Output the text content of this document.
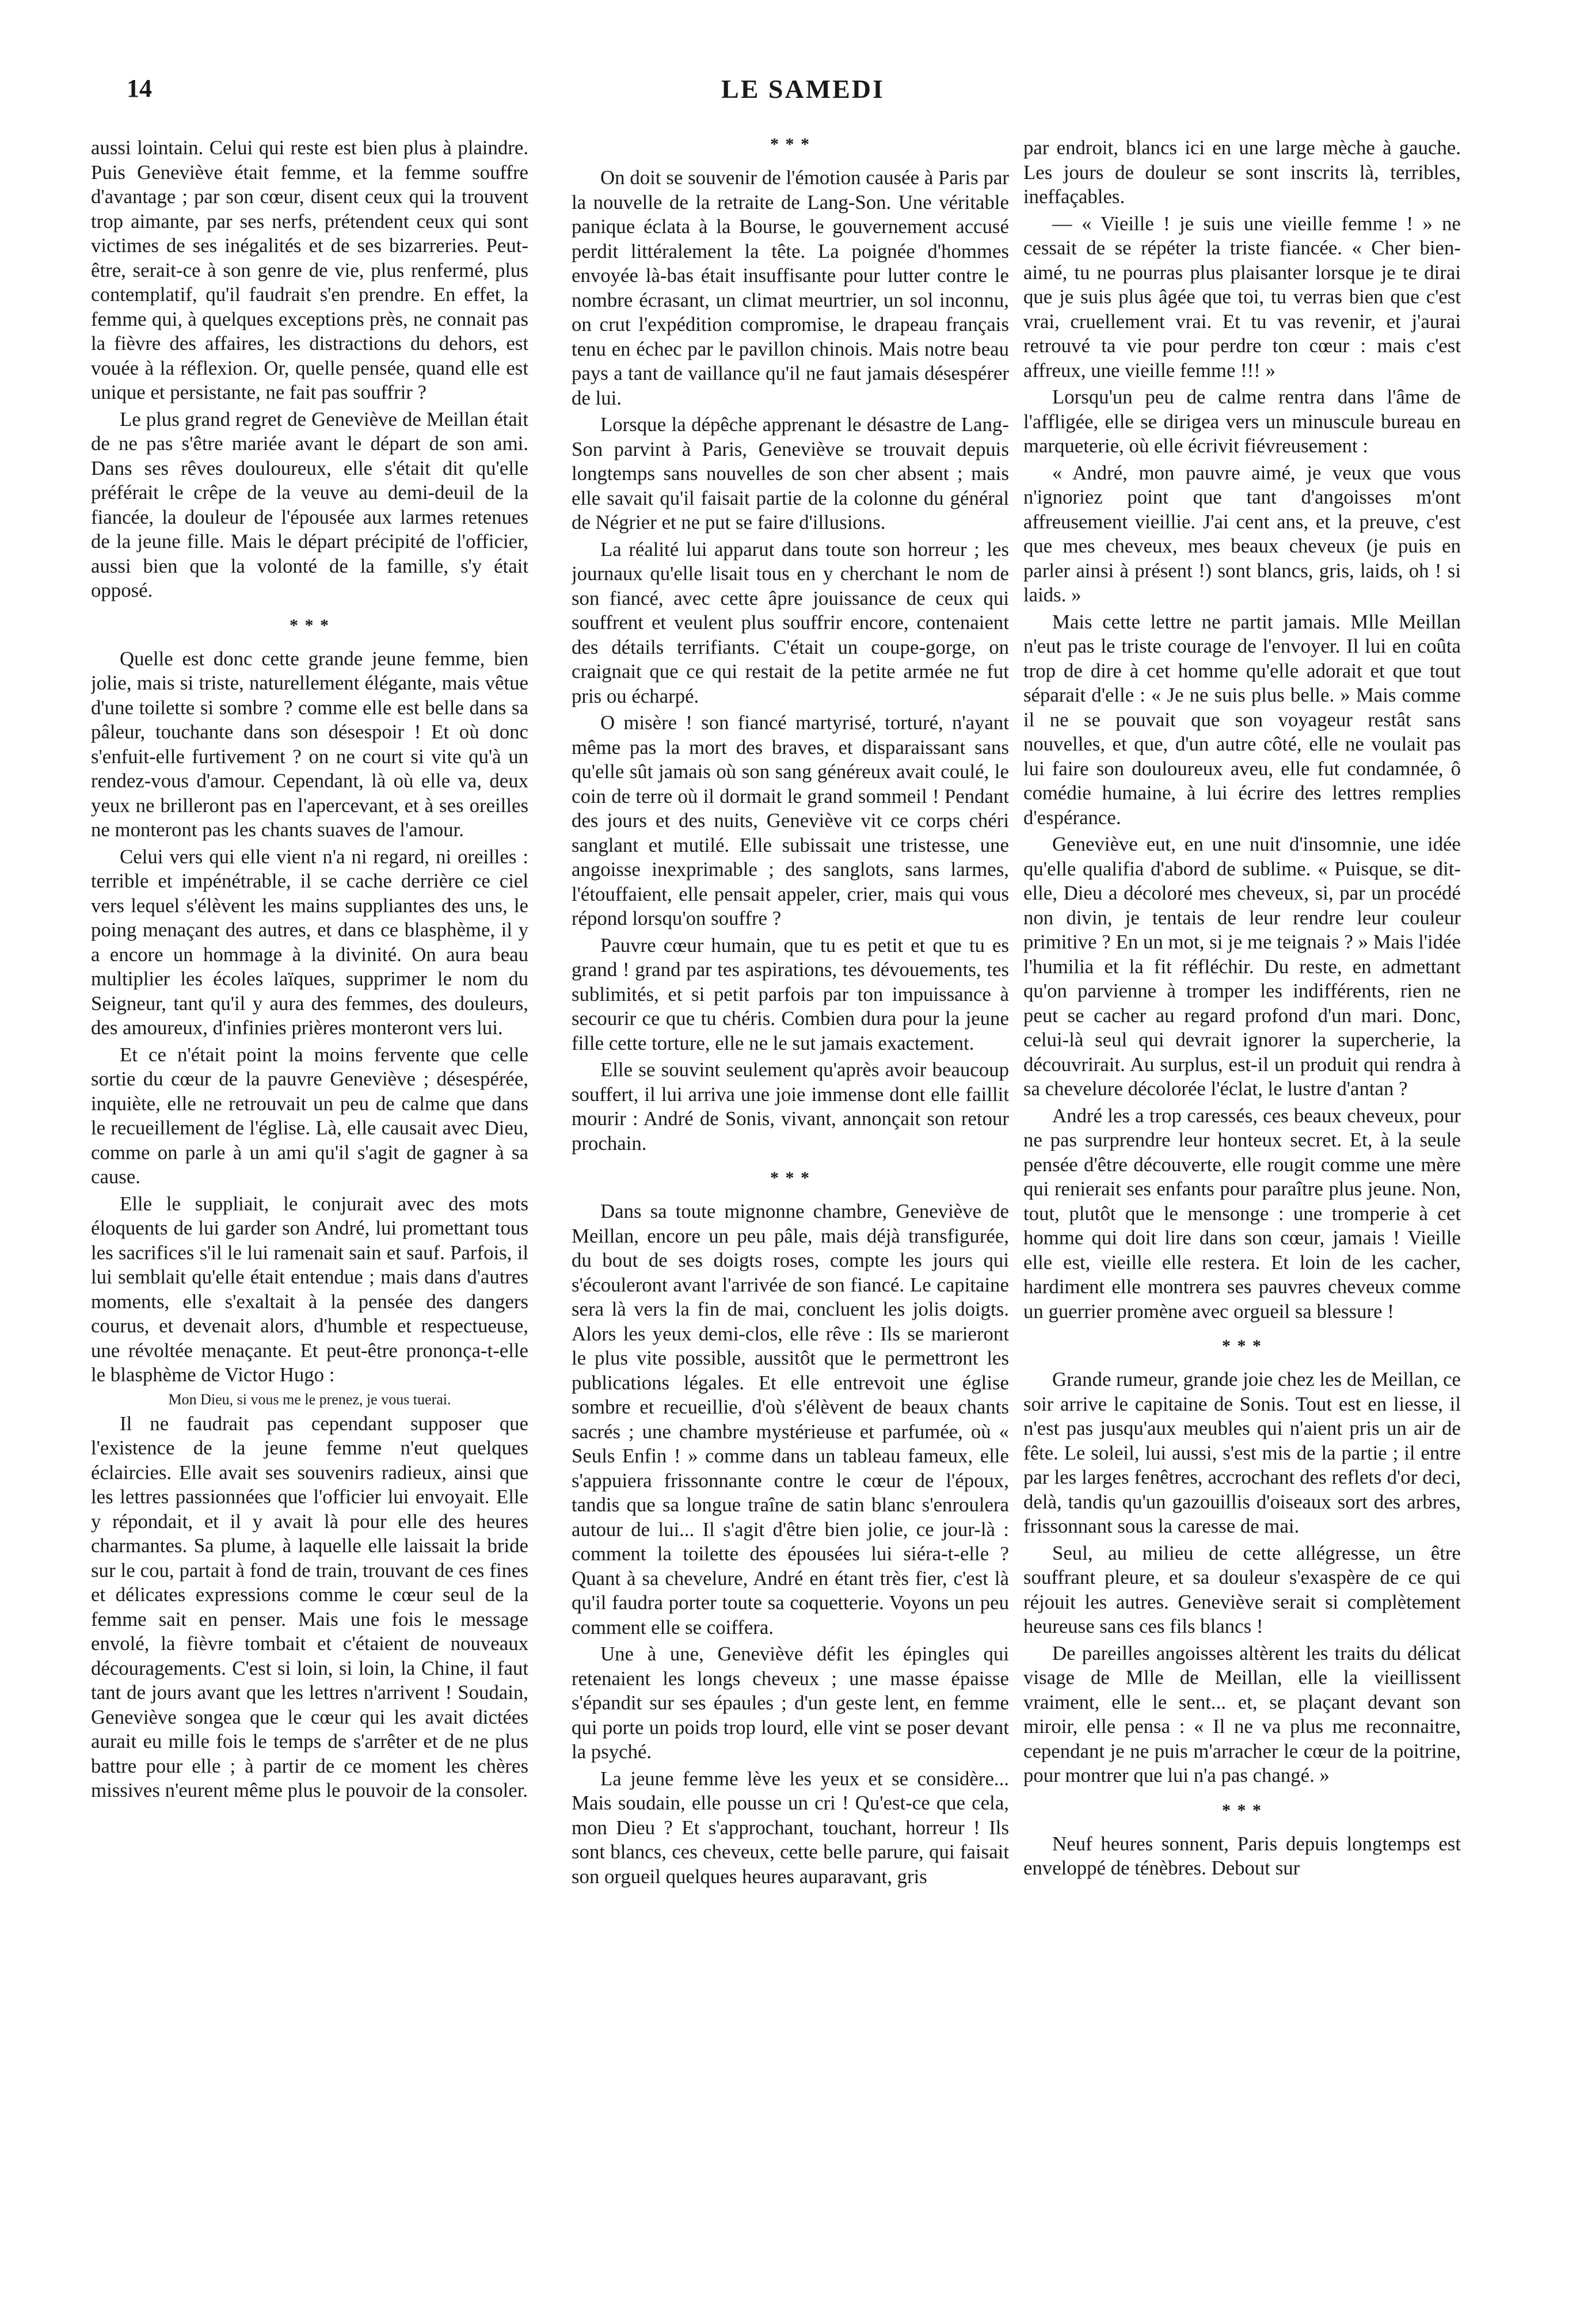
14	LE SAMEDI

aussi lointain. Celui qui reste est bien plus à plaindre. Puis Geneviève était femme, et la femme souffre d'avantage ; par son cœur, disent ceux qui la trouvent trop aimante, par ses nerfs, prétendent ceux qui sont victimes de ses inégalités et de ses bizarreries. Peut-être, serait-ce à son genre de vie, plus renfermé, plus contemplatif, qu'il faudrait s'en prendre. En effet, la femme qui, à quelques exceptions près, ne connait pas la fièvre des affaires, les distractions du dehors, est vouée à la réflexion. Or, quelle pensée, quand elle est unique et persistante, ne fait pas souffrir ?

Le plus grand regret de Geneviève de Meillan était de ne pas s'être mariée avant le départ de son ami. Dans ses rêves douloureux, elle s'était dit qu'elle préférait le crêpe de la veuve au demi-deuil de la fiancée, la douleur de l'épousée aux larmes retenues de la jeune fille. Mais le départ précipité de l'officier, aussi bien que la volonté de la famille, s'y était opposé.

* * *

Quelle est donc cette grande jeune femme, bien jolie, mais si triste, naturellement élégante, mais vêtue d'une toilette si sombre ? comme elle est belle dans sa pâleur, touchante dans son désespoir ! Et où donc s'enfuit-elle furtivement ? on ne court si vite qu'à un rendez-vous d'amour. Cependant, là où elle va, deux yeux ne brilleront pas en l'apercevant, et à ses oreilles ne monteront pas les chants suaves de l'amour.

Celui vers qui elle vient n'a ni regard, ni oreilles : terrible et impénétrable, il se cache derrière ce ciel vers lequel s'élèvent les mains suppliantes des uns, le poing menaçant des autres, et dans ce blasphème, il y a encore un hommage à la divinité. On aura beau multiplier les écoles laïques, supprimer le nom du Seigneur, tant qu'il y aura des femmes, des douleurs, des amoureux, d'infinies prières monteront vers lui.

Et ce n'était point la moins fervente que celle sortie du cœur de la pauvre Geneviève ; désespérée, inquiète, elle ne retrouvait un peu de calme que dans le recueillement de l'église. Là, elle causait avec Dieu, comme on parle à un ami qu'il s'agit de gagner à sa cause.

Elle le suppliait, le conjurait avec des mots éloquents de lui garder son André, lui promettant tous les sacrifices s'il le lui ramenait sain et sauf. Parfois, il lui semblait qu'elle était entendue ; mais dans d'autres moments, elle s'exaltait à la pensée des dangers courus, et devenait alors, d'humble et respectueuse, une révoltée menaçante. Et peut-être prononça-t-elle le blasphème de Victor Hugo :

Mon Dieu, si vous me le prenez, je vous tuerai.

Il ne faudrait pas cependant supposer que l'existence de la jeune femme n'eut quelques éclaircies. Elle avait ses souvenirs radieux, ainsi que les lettres passionnées que l'officier lui envoyait. Elle y répondait, et il y avait là pour elle des heures charmantes. Sa plume, à laquelle elle laissait la bride sur le cou, partait à fond de train, trouvant de ces fines et délicates expressions comme le cœur seul de la femme sait en penser. Mais une fois le message envolé, la fièvre tombait et c'étaient de nouveaux découragements. C'est si loin, si loin, la Chine, il faut tant de jours avant que les lettres n'arrivent ! Soudain, Geneviève songea que le cœur qui les avait dictées aurait eu mille fois le temps de s'arrêter et de ne plus battre pour elle ; à partir de ce moment les chères missives n'eurent même plus le pouvoir de la consoler.

* * *

On doit se souvenir de l'émotion causée à Paris par la nouvelle de la retraite de Lang-Son. Une véritable panique éclata à la Bourse, le gouvernement accusé perdit littéralement la tête. La poignée d'hommes envoyée là-bas était insuffisante pour lutter contre le nombre écrasant, un climat meurtrier, un sol inconnu, on crut l'expédition compromise, le drapeau français tenu en échec par le pavillon chinois. Mais notre beau pays a tant de vaillance qu'il ne faut jamais désespérer de lui.

Lorsque la dépêche apprenant le désastre de Lang-Son parvint à Paris, Geneviève se trouvait depuis longtemps sans nouvelles de son cher absent ; mais elle savait qu'il faisait partie de la colonne du général de Négrier et ne put se faire d'illusions.

La réalité lui apparut dans toute son horreur ; les journaux qu'elle lisait tous en y cherchant le nom de son fiancé, avec cette âpre jouissance de ceux qui souffrent et veulent plus souffrir encore, contenaient des détails terrifiants. C'était un coupe-gorge, on craignait que ce qui restait de la petite armée ne fut pris ou écharpé.

O misère ! son fiancé martyrisé, torturé, n'ayant même pas la mort des braves, et disparaissant sans qu'elle sût jamais où son sang généreux avait coulé, le coin de terre où il dormait le grand sommeil ! Pendant des jours et des nuits, Geneviève vit ce corps chéri sanglant et mutilé. Elle subissait une tristesse, une angoisse inexprimable ; des sanglots, sans larmes, l'étouffaient, elle pensait appeler, crier, mais qui vous répond lorsqu'on souffre ?

Pauvre cœur humain, que tu es petit et que tu es grand ! grand par tes aspirations, tes dévouements, tes sublimités, et si petit parfois par ton impuissance à secourir ce que tu chéris. Combien dura pour la jeune fille cette torture, elle ne le sut jamais exactement.

Elle se souvint seulement qu'après avoir beaucoup souffert, il lui arriva une joie immense dont elle faillit mourir : André de Sonis, vivant, annonçait son retour prochain.

* * *

Dans sa toute mignonne chambre, Geneviève de Meillan, encore un peu pâle, mais déjà transfigurée, du bout de ses doigts roses, compte les jours qui s'écouleront avant l'arrivée de son fiancé. Le capitaine sera là vers la fin de mai, concluent les jolis doigts. Alors les yeux demi-clos, elle rêve : Ils se marieront le plus vite possible, aussitôt que le permettront les publications légales. Et elle entrevoit une église sombre et recueillie, d'où s'élèvent de beaux chants sacrés ; une chambre mystérieuse et parfumée, où « Seuls Enfin ! » comme dans un tableau fameux, elle s'appuiera frissonnante contre le cœur de l'époux, tandis que sa longue traîne de satin blanc s'enroulera autour de lui... Il s'agit d'être bien jolie, ce jour-là : comment la toilette des épousées lui siéra-t-elle ? Quant à sa chevelure, André en étant très fier, c'est là qu'il faudra porter toute sa coquetterie. Voyons un peu comment elle se coiffera.

Une à une, Geneviève défit les épingles qui retenaient les longs cheveux ; une masse épaisse s'épandit sur ses épaules ; d'un geste lent, en femme qui porte un poids trop lourd, elle vint se poser devant la psyché.

La jeune femme lève les yeux et se considère... Mais soudain, elle pousse un cri ! Qu'est-ce que cela, mon Dieu ? Et s'approchant, touchant, horreur ! Ils sont blancs, ces cheveux, cette belle parure, qui faisait son orgueil quelques heures auparavant, gris

par endroit, blancs ici en une large mèche à gauche. Les jours de douleur se sont inscrits là, terribles, ineffaçables.

— « Vieille ! je suis une vieille femme ! » ne cessait de se répéter la triste fiancée. « Cher bien-aimé, tu ne pourras plus plaisanter lorsque je te dirai que je suis plus âgée que toi, tu verras bien que c'est vrai, cruellement vrai. Et tu vas revenir, et j'aurai retrouvé ta vie pour perdre ton cœur : mais c'est affreux, une vieille femme !!! »

Lorsqu'un peu de calme rentra dans l'âme de l'affligée, elle se dirigea vers un minuscule bureau en marqueterie, où elle écrivit fiévreusement :

« André, mon pauvre aimé, je veux que vous n'ignoriez point que tant d'angoisses m'ont affreusement vieillie. J'ai cent ans, et la preuve, c'est que mes cheveux, mes beaux cheveux (je puis en parler ainsi à présent !) sont blancs, gris, laids, oh ! si laids. »

Mais cette lettre ne partit jamais. Mlle Meillan n'eut pas le triste courage de l'envoyer. Il lui en coûta trop de dire à cet homme qu'elle adorait et que tout séparait d'elle : « Je ne suis plus belle. » Mais comme il ne se pouvait que son voyageur restât sans nouvelles, et que, d'un autre côté, elle ne voulait pas lui faire son douloureux aveu, elle fut condamnée, ô comédie humaine, à lui écrire des lettres remplies d'espérance.

Geneviève eut, en une nuit d'insomnie, une idée qu'elle qualifia d'abord de sublime. « Puisque, se dit-elle, Dieu a décoloré mes cheveux, si, par un procédé non divin, je tentais de leur rendre leur couleur primitive ? En un mot, si je me teignais ? » Mais l'idée l'humilia et la fit réfléchir. Du reste, en admettant qu'on parvienne à tromper les indifférents, rien ne peut se cacher au regard profond d'un mari. Donc, celui-là seul qui devrait ignorer la supercherie, la découvrirait. Au surplus, est-il un produit qui rendra à sa chevelure décolorée l'éclat, le lustre d'antan ?

André les a trop caressés, ces beaux cheveux, pour ne pas surprendre leur honteux secret. Et, à la seule pensée d'être découverte, elle rougit comme une mère qui renierait ses enfants pour paraître plus jeune. Non, tout, plutôt que le mensonge : une tromperie à cet homme qui doit lire dans son cœur, jamais ! Vieille elle est, vieille elle restera. Et loin de les cacher, hardiment elle montrera ses pauvres cheveux comme un guerrier promène avec orgueil sa blessure !

* * *

Grande rumeur, grande joie chez les de Meillan, ce soir arrive le capitaine de Sonis. Tout est en liesse, il n'est pas jusqu'aux meubles qui n'aient pris un air de fête. Le soleil, lui aussi, s'est mis de la partie ; il entre par les larges fenêtres, accrochant des reflets d'or deci, delà, tandis qu'un gazouillis d'oiseaux sort des arbres, frissonnant sous la caresse de mai.

Seul, au milieu de cette allégresse, un être souffrant pleure, et sa douleur s'exaspère de ce qui réjouit les autres. Geneviève serait si complètement heureuse sans ces fils blancs !

De pareilles angoisses altèrent les traits du délicat visage de Mlle de Meillan, elle la vieillissent vraiment, elle le sent... et, se plaçant devant son miroir, elle pensa : « Il ne va plus me reconnaitre, cependant je ne puis m'arracher le cœur de la poitrine, pour montrer que lui n'a pas changé. »

* * *

Neuf heures sonnent, Paris depuis longtemps est enveloppé de ténèbres. Debout sur
